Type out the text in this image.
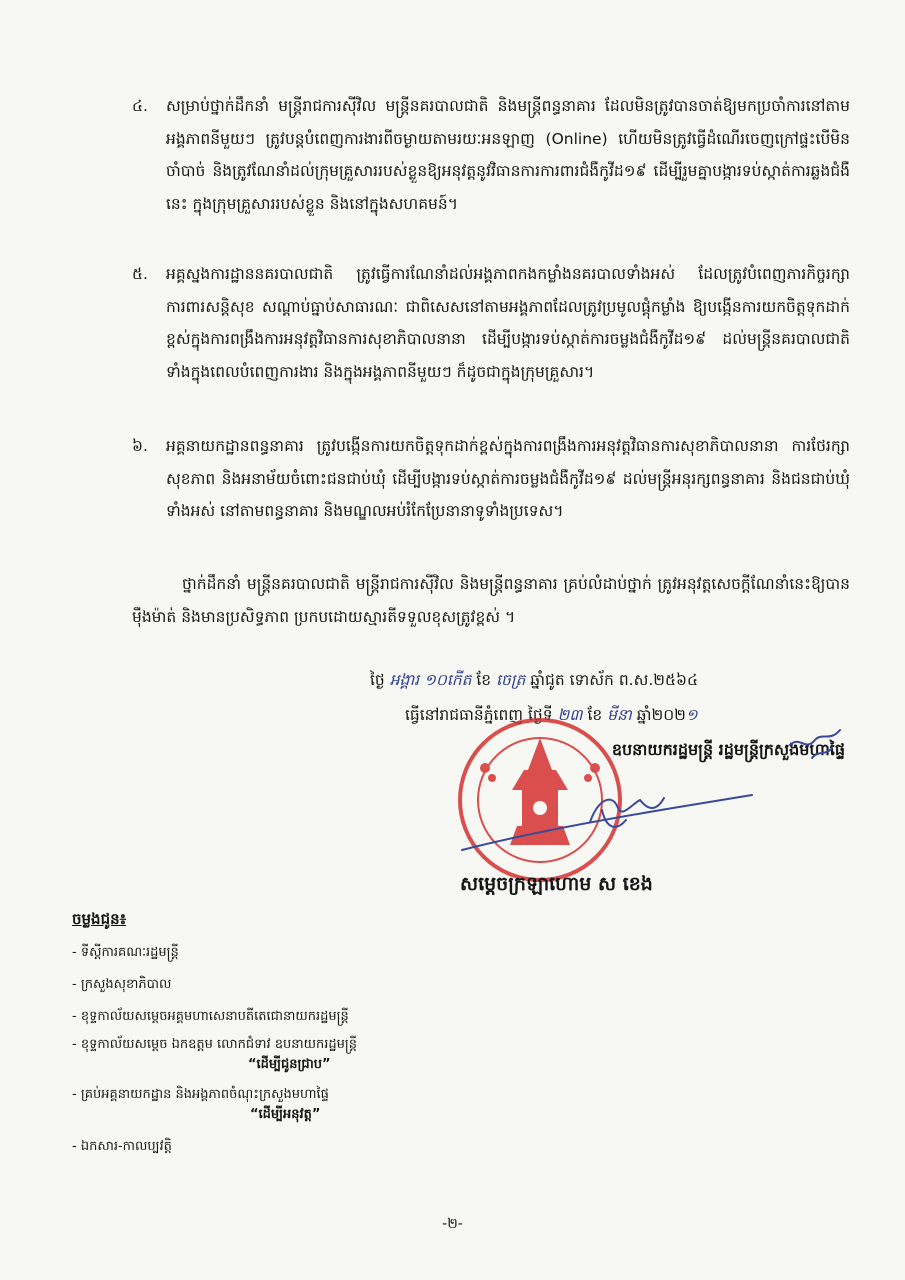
៤.	សម្រាប់ថ្នាក់ដឹកនាំ មន្ត្រីរាជការស៊ីវិល មន្ត្រីនគរបាលជាតិ និងមន្ត្រីពន្ធនាគារ ដែលមិនត្រូវបានចាត់ឱ្យមកប្រចាំការនៅតាមអង្គភាពនីមួយៗ ត្រូវបន្តបំពេញការងារពីចម្ងាយតាមរយៈអនឡាញ (Online) ហើយមិនត្រូវធ្វើដំណើរចេញក្រៅផ្ទះបើមិនចាំបាច់ និងត្រូវណែនាំដល់ក្រុមគ្រួសាររបស់ខ្លួនឱ្យអនុវត្តនូវវិធានការការពារជំងឺកូវីដ១៩ ដើម្បីរួមគ្នាបង្ការទប់ស្កាត់ការឆ្លងជំងឺនេះ ក្នុងក្រុមគ្រួសាររបស់ខ្លួន និងនៅក្នុងសហគមន៍។
៥.	អគ្គស្នងការដ្ឋាននគរបាលជាតិ ត្រូវធ្វើការណែនាំដល់អង្គភាពកងកម្លាំងនគរបាលទាំងអស់ ដែលត្រូវបំពេញភារកិច្ចរក្សាការពារសន្តិសុខ សណ្តាប់ធ្នាប់សាធារណៈ ជាពិសេសនៅតាមអង្គភាពដែលត្រូវប្រមូលផ្តុំកម្លាំង ឱ្យបង្កើនការយកចិត្តទុកដាក់ខ្ពស់ក្នុងការពង្រឹងការអនុវត្តវិធានការសុខាភិបាលនានា ដើម្បីបង្ការទប់ស្កាត់ការចម្លងជំងឺកូវីដ១៩ ដល់មន្ត្រីនគរបាលជាតិ ទាំងក្នុងពេលបំពេញការងារ និងក្នុងអង្គភាពនីមួយៗ ក៏ដូចជាក្នុងក្រុមគ្រួសារ។
៦.	អគ្គនាយកដ្ឋានពន្ធនាគារ ត្រូវបង្កើនការយកចិត្តទុកដាក់ខ្ពស់ក្នុងការពង្រឹងការអនុវត្តវិធានការសុខាភិបាលនានា ការថែរក្សាសុខភាព និងអនាម័យចំពោះជនជាប់ឃុំ ដើម្បីបង្ការទប់ស្កាត់ការចម្លងជំងឺកូវីដ១៩ ដល់មន្ត្រីអនុរក្សពន្ធនាគារ និងជនជាប់ឃុំទាំងអស់ នៅតាមពន្ធនាគារ និងមណ្ឌលអប់រំកែប្រែនានាទូទាំងប្រទេស។
ថ្នាក់ដឹកនាំ មន្ត្រីនគរបាលជាតិ មន្ត្រីរាជការស៊ីវិល និងមន្ត្រីពន្ធនាគារ គ្រប់លំដាប់ថ្នាក់ ត្រូវអនុវត្តសេចក្តីណែនាំនេះឱ្យបានម៉ឺងម៉ាត់ និងមានប្រសិទ្ធភាព ប្រកបដោយស្មារតីទទួលខុសត្រូវខ្ពស់ ។
ថ្ងៃ អង្គារ ១០កើត ខែ ចេត្រ ឆ្នាំជូត ទោស័ក ព.ស.២៥៦៤
ធ្វើនៅរាជធានីភ្នំពេញ ថ្ងៃទី ២៣ ខែ មីនា ឆ្នាំ២០២១
ឧបនាយករដ្ឋមន្ត្រី រដ្ឋមន្ត្រីក្រសួងមហាផ្ទៃ
សម្តេចក្រឡាហោម ស ខេង
ចម្លងជូន៖
- ទីស្តីការគណៈរដ្ឋមន្ត្រី
- ក្រសួងសុខាភិបាល
- ខុទ្ទកាល័យសម្តេចអគ្គមហាសេនាបតីតេជោនាយករដ្ឋមន្ត្រី
- ខុទ្ទកាល័យសម្តេច ឯកឧត្តម លោកជំទាវ ឧបនាយករដ្ឋមន្ត្រី
“ដើម្បីជូនជ្រាប”
- គ្រប់អគ្គនាយកដ្ឋាន និងអង្គភាពចំណុះក្រសួងមហាផ្ទៃ
“ដើម្បីអនុវត្ត”
- ឯកសារ-កាលប្បវត្តិ
-២-
